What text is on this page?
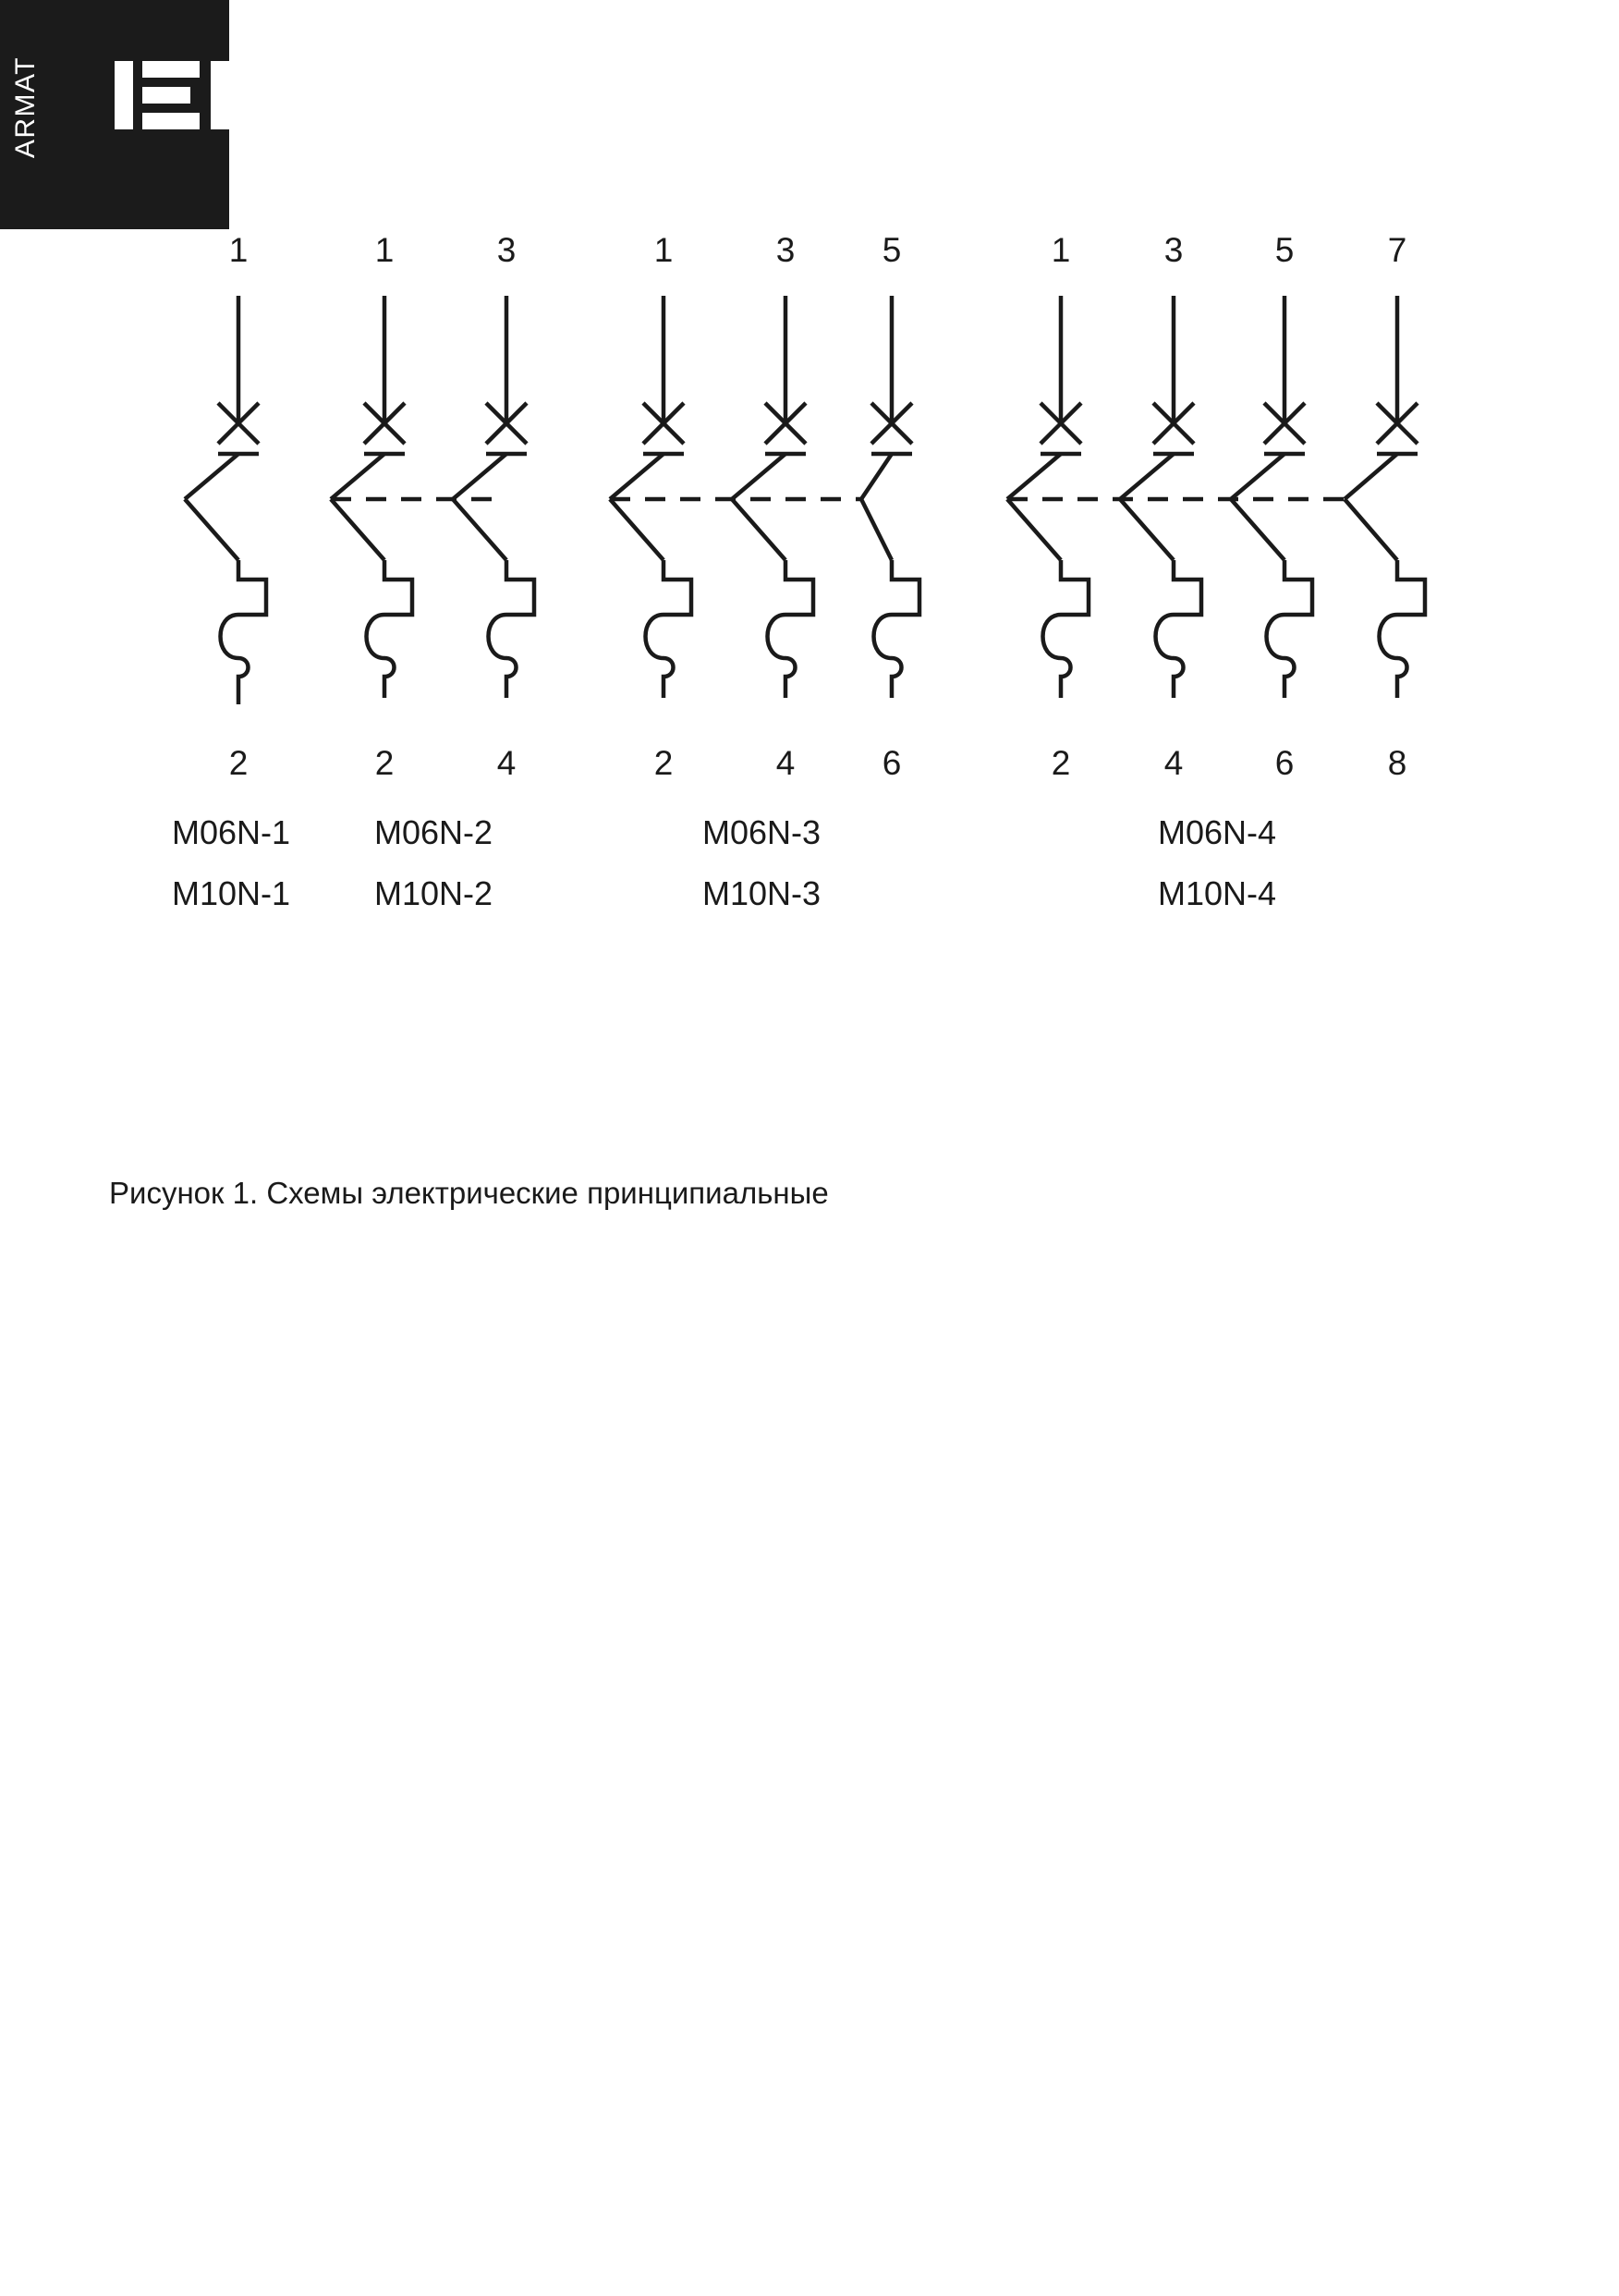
ARMAT
1	1	3	1	3	5	1	3	5	7
2	2	4	2	4	6	2	4	6	8
M06N-1
M10N-1
M06N-2
M10N-2
M06N-3
M10N-3
M06N-4
M10N-4
Рисунок 1. Схемы электрические принципиальные
